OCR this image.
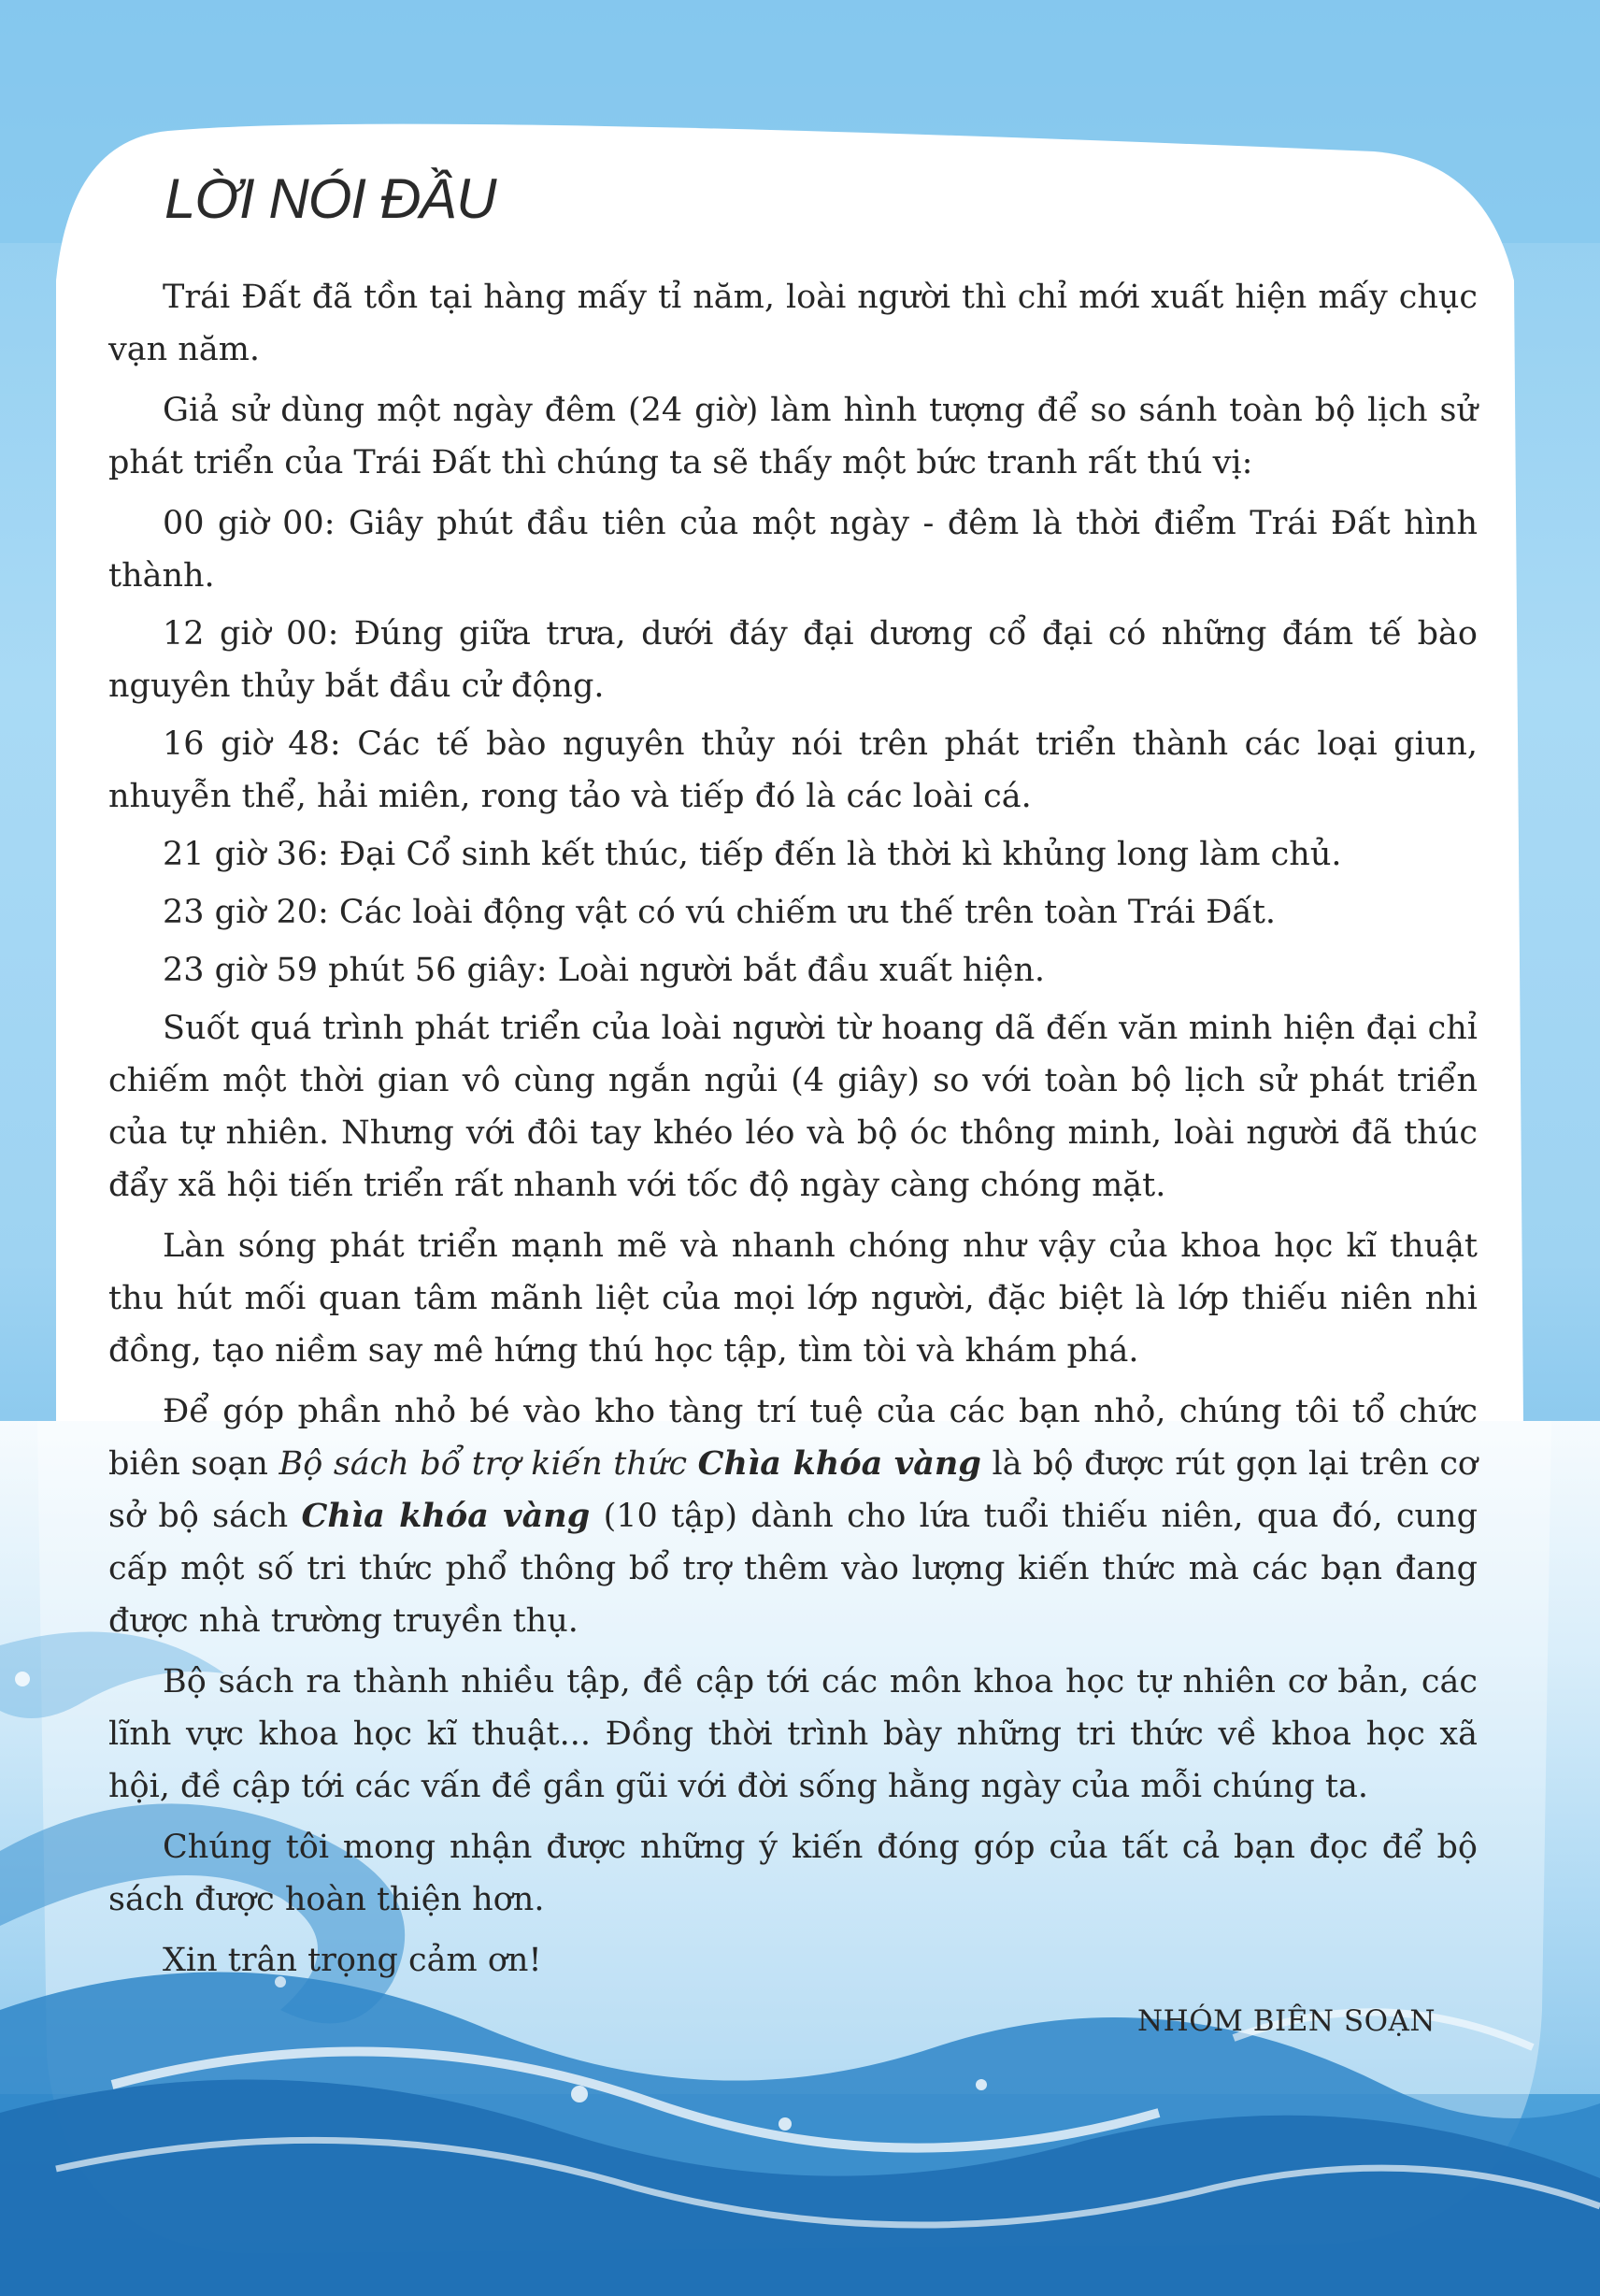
LỜI NÓI ĐẦU

Trái Đất đã tồn tại hàng mấy tỉ năm, loài người thì chỉ mới xuất hiện mấy chục vạn năm.

Giả sử dùng một ngày đêm (24 giờ) làm hình tượng để so sánh toàn bộ lịch sử phát triển của Trái Đất thì chúng ta sẽ thấy một bức tranh rất thú vị:

00 giờ 00: Giây phút đầu tiên của một ngày - đêm là thời điểm Trái Đất hình thành.

12 giờ 00: Đúng giữa trưa, dưới đáy đại dương cổ đại có những đám tế bào nguyên thủy bắt đầu cử động.

16 giờ 48: Các tế bào nguyên thủy nói trên phát triển thành các loại giun, nhuyễn thể, hải miên, rong tảo và tiếp đó là các loài cá.

21 giờ 36: Đại Cổ sinh kết thúc, tiếp đến là thời kì khủng long làm chủ.

23 giờ 20: Các loài động vật có vú chiếm ưu thế trên toàn Trái Đất.

23 giờ 59 phút 56 giây: Loài người bắt đầu xuất hiện.

Suốt quá trình phát triển của loài người từ hoang dã đến văn minh hiện đại chỉ chiếm một thời gian vô cùng ngắn ngủi (4 giây) so với toàn bộ lịch sử phát triển của tự nhiên. Nhưng với đôi tay khéo léo và bộ óc thông minh, loài người đã thúc đẩy xã hội tiến triển rất nhanh với tốc độ ngày càng chóng mặt.

Làn sóng phát triển mạnh mẽ và nhanh chóng như vậy của khoa học kĩ thuật thu hút mối quan tâm mãnh liệt của mọi lớp người, đặc biệt là lớp thiếu niên nhi đồng, tạo niềm say mê hứng thú học tập, tìm tòi và khám phá.

Để góp phần nhỏ bé vào kho tàng trí tuệ của các bạn nhỏ, chúng tôi tổ chức biên soạn Bộ sách bổ trợ kiến thức Chìa khóa vàng là bộ được rút gọn lại trên cơ sở bộ sách Chìa khóa vàng (10 tập) dành cho lứa tuổi thiếu niên, qua đó, cung cấp một số tri thức phổ thông bổ trợ thêm vào lượng kiến thức mà các bạn đang được nhà trường truyền thụ.

Bộ sách ra thành nhiều tập, đề cập tới các môn khoa học tự nhiên cơ bản, các lĩnh vực khoa học kĩ thuật... Đồng thời trình bày những tri thức về khoa học xã hội, đề cập tới các vấn đề gần gũi với đời sống hằng ngày của mỗi chúng ta.

Chúng tôi mong nhận được những ý kiến đóng góp của tất cả bạn đọc để bộ sách được hoàn thiện hơn.

Xin trân trọng cảm ơn!

NHÓM BIÊN SOẠN
